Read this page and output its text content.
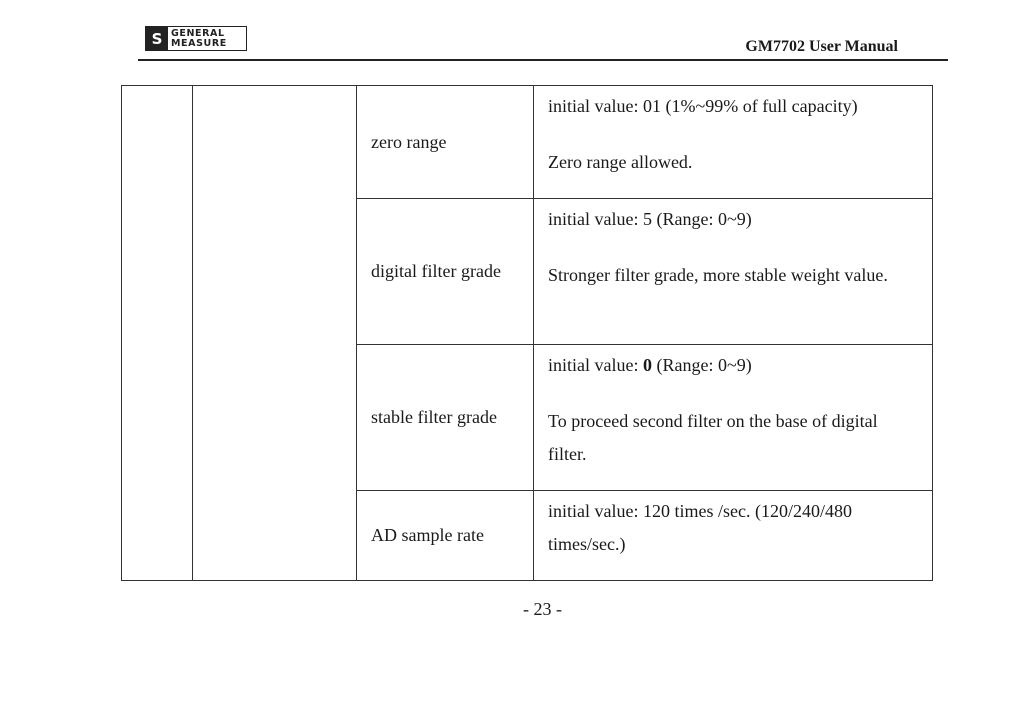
S GENERAL
MEASURE	GM7702 User Manual
		zero range	initial value: 01 (1%~99% of full capacity)
Zero range allowed.

		digital filter grade	initial value: 5 (Range: 0~9)
Stronger filter grade, more stable weight value.

		stable filter grade	initial value: 0 (Range: 0~9)
To proceed second filter on the base of digital filter.

		AD sample rate	initial value: 120 times /sec. (120/240/480 times/sec.)
- 23 -
